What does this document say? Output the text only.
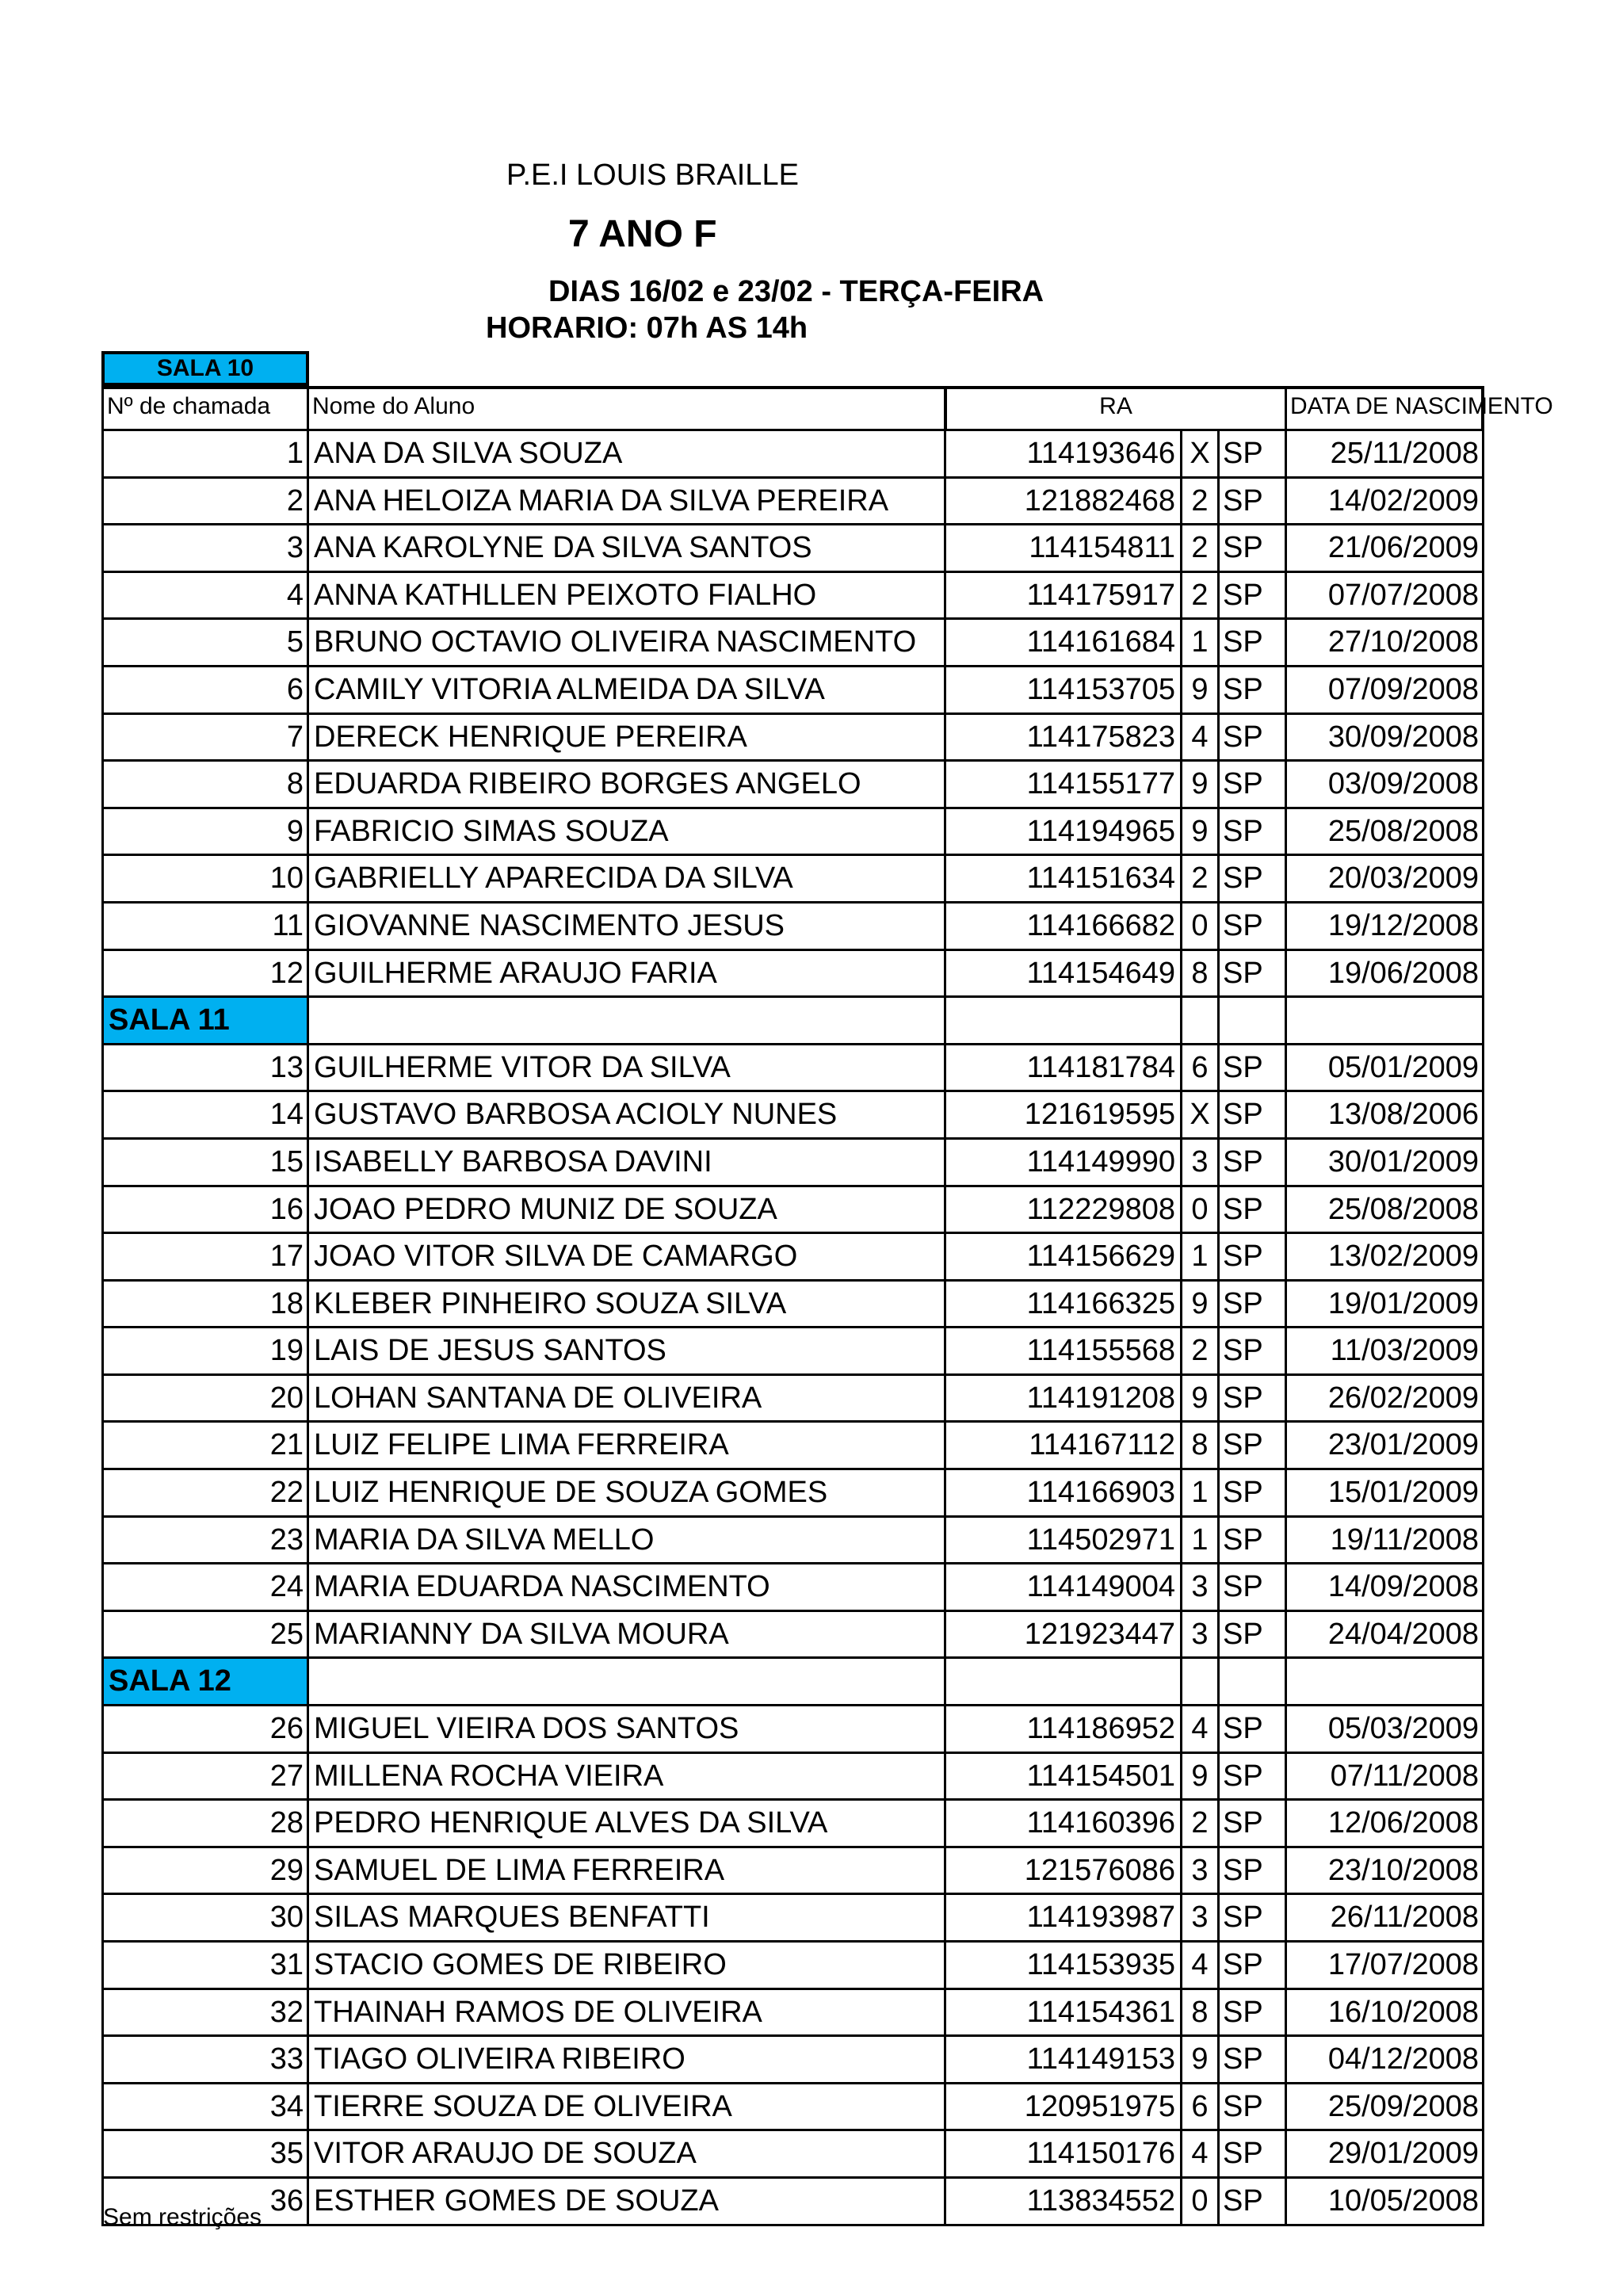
P.E.I LOUIS BRAILLE
7 ANO F
DIAS 16/02 e 23/02 - TERÇA-FEIRA
HORARIO: 07h AS 14h
SALA 10
Nº de chamada	Nome do Aluno	RA	DATA DE NASCIMENTO
1 ANA DA SILVA SOUZA	114193646 X SP	25/11/2008
2 ANA HELOIZA MARIA DA SILVA PEREIRA	121882468 2 SP	14/02/2009
3 ANA KAROLYNE DA SILVA SANTOS	114154811 2 SP	21/06/2009
4 ANNA KATHLLEN PEIXOTO FIALHO	114175917 2 SP	07/07/2008
5 BRUNO OCTAVIO OLIVEIRA NASCIMENTO	114161684 1 SP	27/10/2008
6 CAMILY VITORIA ALMEIDA DA SILVA	114153705 9 SP	07/09/2008
7 DERECK HENRIQUE PEREIRA	114175823 4 SP	30/09/2008
8 EDUARDA RIBEIRO BORGES ANGELO	114155177 9 SP	03/09/2008
9 FABRICIO SIMAS SOUZA	114194965 9 SP	25/08/2008
10 GABRIELLY APARECIDA DA SILVA	114151634 2 SP	20/03/2009
11 GIOVANNE NASCIMENTO JESUS	114166682 0 SP	19/12/2008
12 GUILHERME ARAUJO FARIA	114154649 8 SP	19/06/2008
SALA 11
13 GUILHERME VITOR DA SILVA	114181784 6 SP	05/01/2009
14 GUSTAVO BARBOSA ACIOLY NUNES	121619595 X SP	13/08/2006
15 ISABELLY BARBOSA DAVINI	114149990 3 SP	30/01/2009
16 JOAO PEDRO MUNIZ DE SOUZA	112229808 0 SP	25/08/2008
17 JOAO VITOR SILVA DE CAMARGO	114156629 1 SP	13/02/2009
18 KLEBER PINHEIRO SOUZA SILVA	114166325 9 SP	19/01/2009
19 LAIS DE JESUS SANTOS	114155568 2 SP	11/03/2009
20 LOHAN SANTANA DE OLIVEIRA	114191208 9 SP	26/02/2009
21 LUIZ FELIPE LIMA FERREIRA	114167112 8 SP	23/01/2009
22 LUIZ HENRIQUE DE SOUZA GOMES	114166903 1 SP	15/01/2009
23 MARIA DA SILVA MELLO	114502971 1 SP	19/11/2008
24 MARIA EDUARDA NASCIMENTO	114149004 3 SP	14/09/2008
25 MARIANNY DA SILVA MOURA	121923447 3 SP	24/04/2008
SALA 12
26 MIGUEL VIEIRA DOS SANTOS	114186952 4 SP	05/03/2009
27 MILLENA ROCHA VIEIRA	114154501 9 SP	07/11/2008
28 PEDRO HENRIQUE ALVES DA SILVA	114160396 2 SP	12/06/2008
29 SAMUEL DE LIMA FERREIRA	121576086 3 SP	23/10/2008
30 SILAS MARQUES BENFATTI	114193987 3 SP	26/11/2008
31 STACIO GOMES DE RIBEIRO	114153935 4 SP	17/07/2008
32 THAINAH RAMOS DE OLIVEIRA	114154361 8 SP	16/10/2008
33 TIAGO OLIVEIRA RIBEIRO	114149153 9 SP	04/12/2008
34 TIERRE SOUZA DE OLIVEIRA	120951975 6 SP	25/09/2008
35 VITOR ARAUJO DE SOUZA	114150176 4 SP	29/01/2009
36 ESTHER GOMES DE SOUZA	113834552 0 SP	10/05/2008
Sem restrições
